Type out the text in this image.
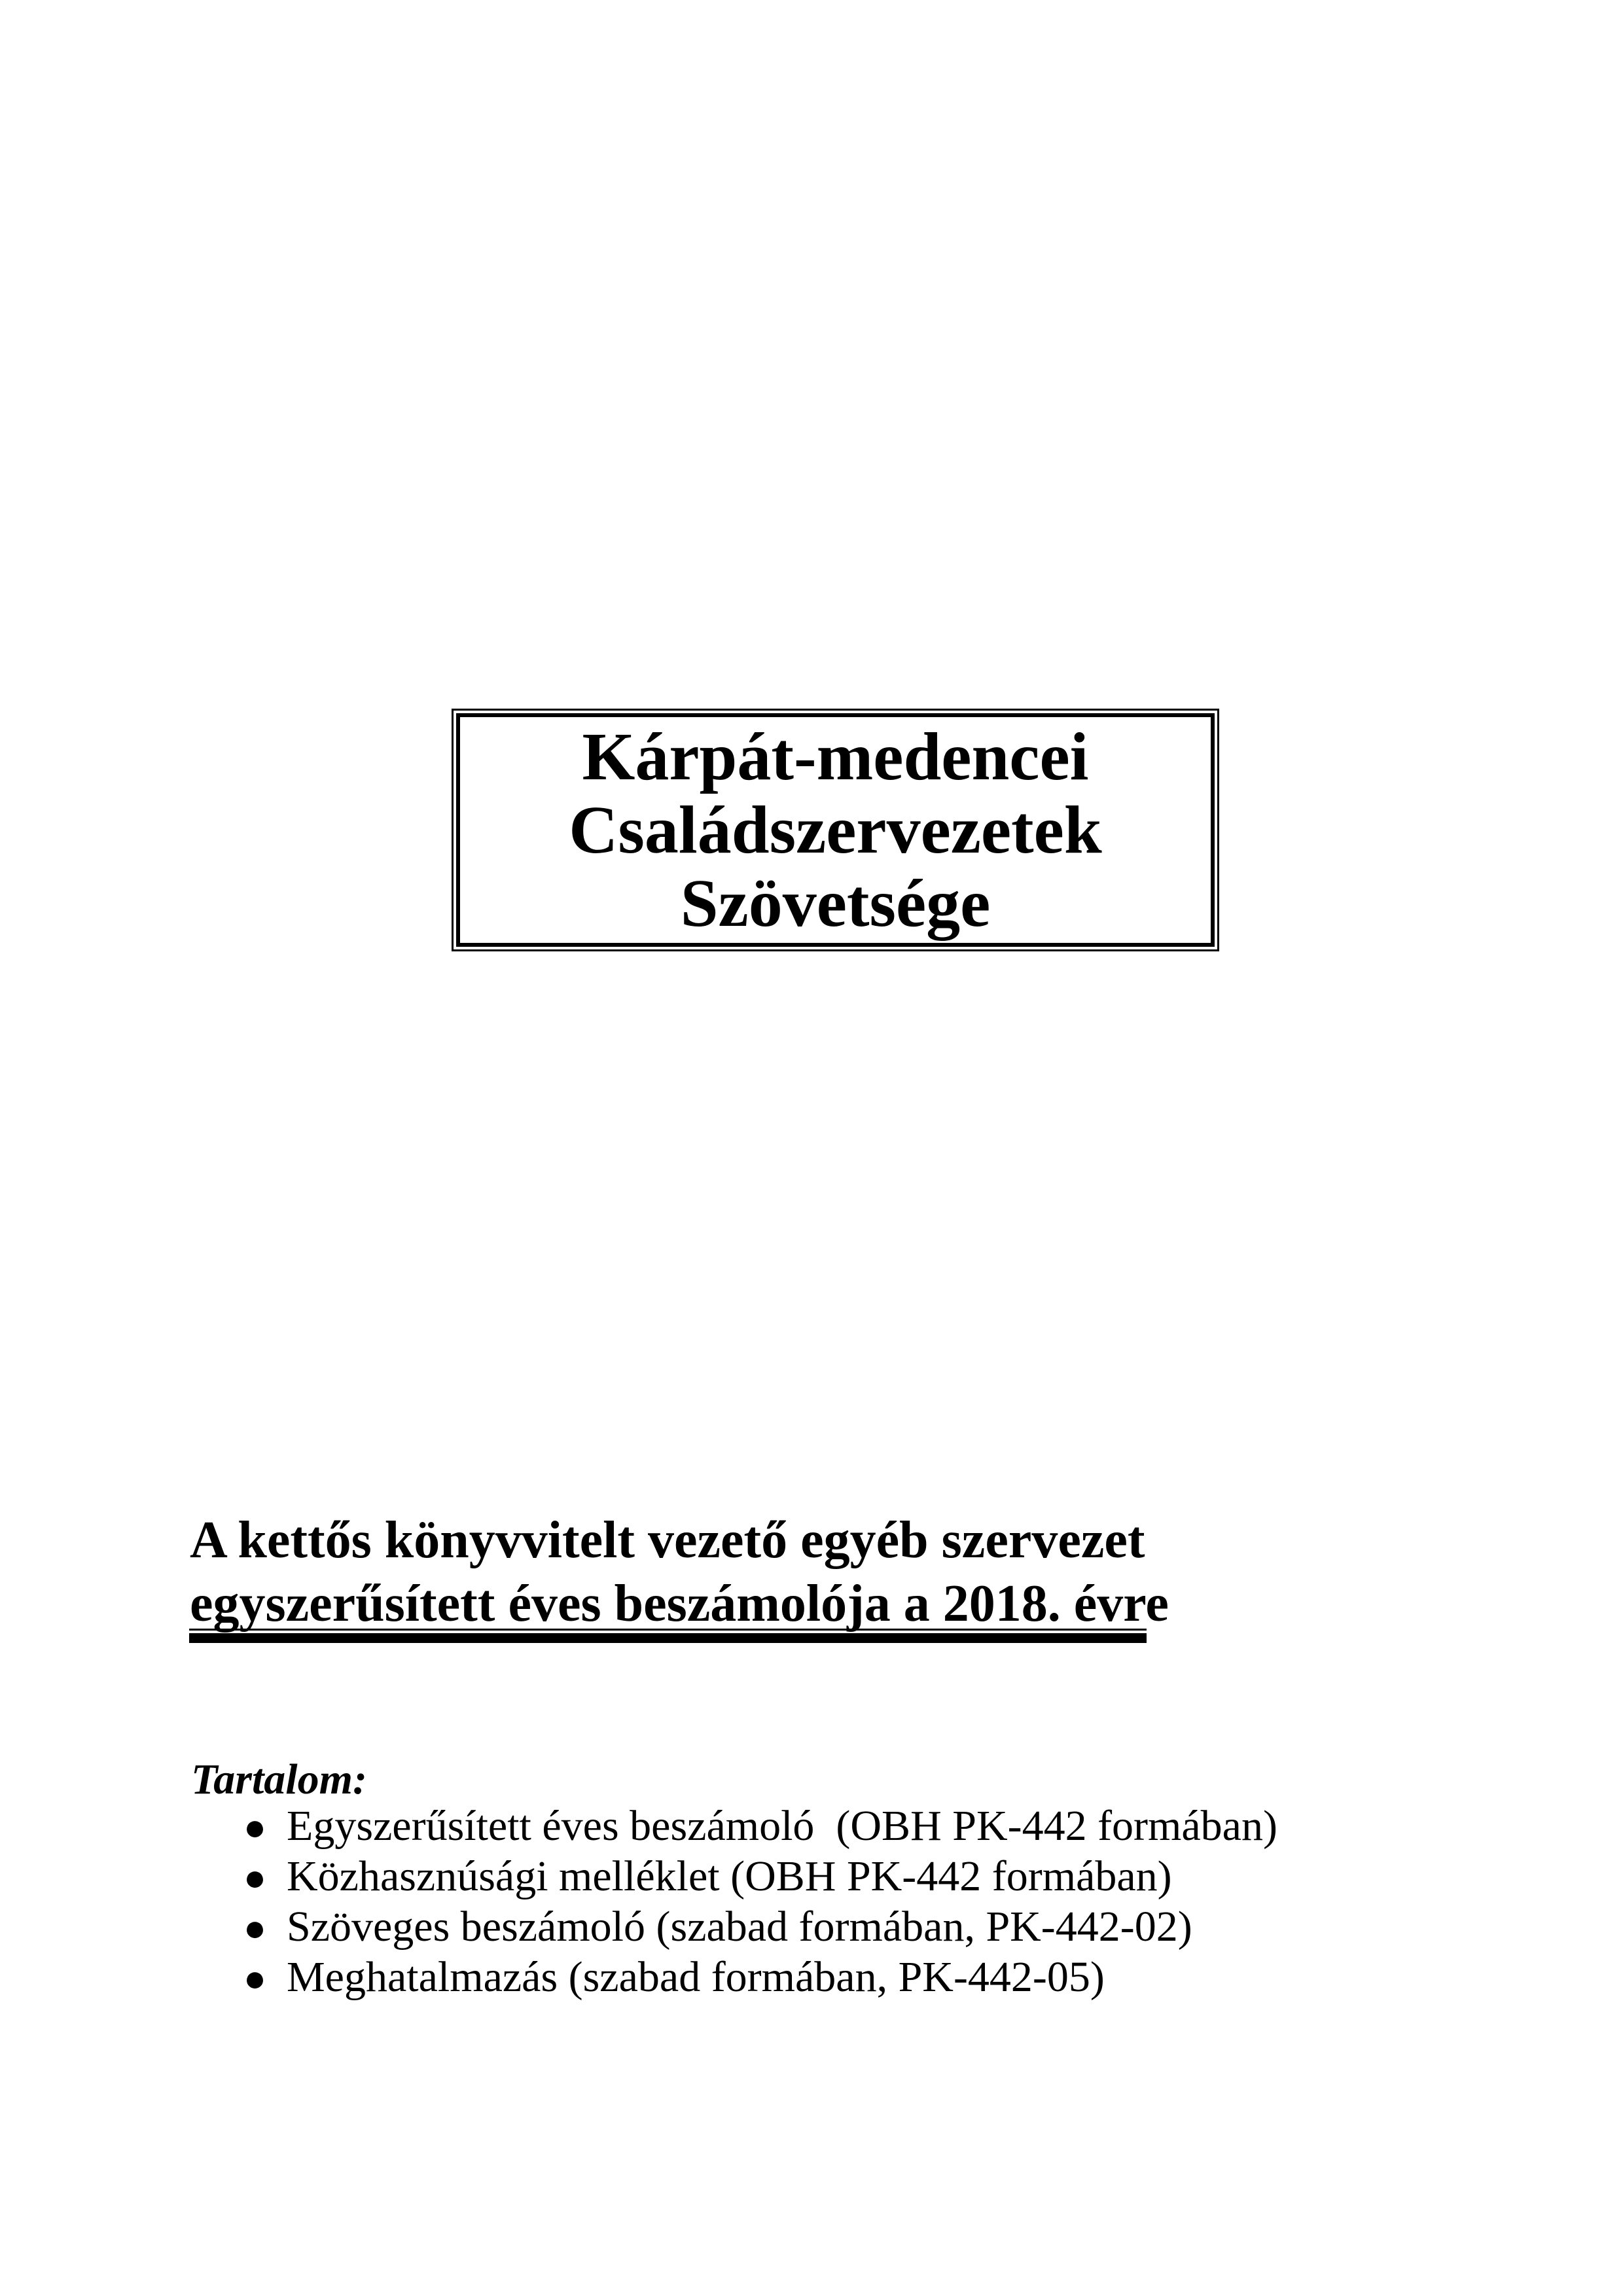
Kárpát-medencei
Családszervezetek
Szövetsége
A kettős könyvvitelt vezető egyéb szervezet
egyszerűsített éves beszámolója a 2018. évre
Tartalom:
● Egyszerűsített éves beszámoló  (OBH PK-442 formában)
● Közhasznúsági melléklet (OBH PK-442 formában)
● Szöveges beszámoló (szabad formában, PK-442-02)
● Meghatalmazás (szabad formában, PK-442-05)
